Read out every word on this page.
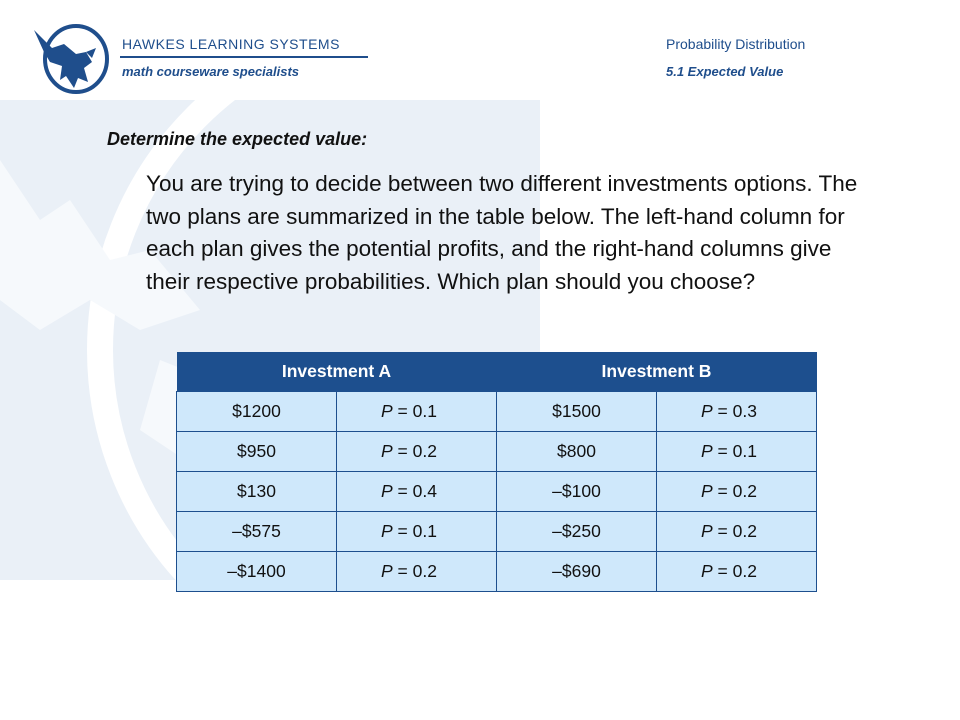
HAWKES LEARNING SYSTEMS
math courseware specialists
Probability Distribution
5.1 Expected Value
Determine the expected value:
You are trying to decide between two different investments options. The two plans are summarized in the table below. The left-hand column for each plan gives the potential profits, and the right-hand columns give their respective probabilities. Which plan should you choose?
Investment A		Investment B	
$1200	P = 0.1	$1500	P = 0.3
$950	P = 0.2	$800	P = 0.1
$130	P = 0.4	–$100	P = 0.2
–$575	P = 0.1	–$250	P = 0.2
–$1400	P = 0.2	–$690	P = 0.2
